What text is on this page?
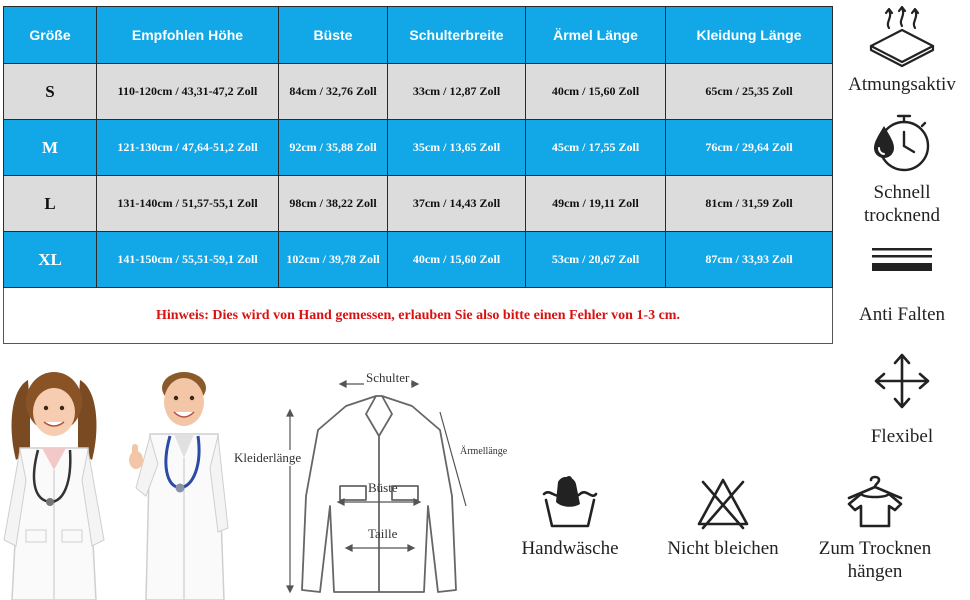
Größe	Empfohlen Höhe	Büste	Schulterbreite	Ärmel Länge	Kleidung Länge
S	110-120cm / 43,31-47,2 Zoll	84cm / 32,76 Zoll	33cm / 12,87 Zoll	40cm / 15,60 Zoll	65cm / 25,35 Zoll
M	121-130cm / 47,64-51,2 Zoll	92cm / 35,88 Zoll	35cm / 13,65 Zoll	45cm / 17,55 Zoll	76cm / 29,64 Zoll
L	131-140cm / 51,57-55,1 Zoll	98cm / 38,22 Zoll	37cm / 14,43 Zoll	49cm / 19,11 Zoll	81cm / 31,59 Zoll
XL	141-150cm / 55,51-59,1 Zoll	102cm / 39,78 Zoll	40cm / 15,60 Zoll	53cm / 20,67 Zoll	87cm / 33,93 Zoll
Hinweis: Dies wird von Hand gemessen, erlauben Sie also bitte einen Fehler von 1-3 cm.					
Atmungsaktiv
Schnell trocknend
Anti Falten
Flexibel
Schulter
Kleiderlänge	Ärmellänge
Büste
Taille
Handwäsche	Nicht bleichen	Zum Trocknen hängen
